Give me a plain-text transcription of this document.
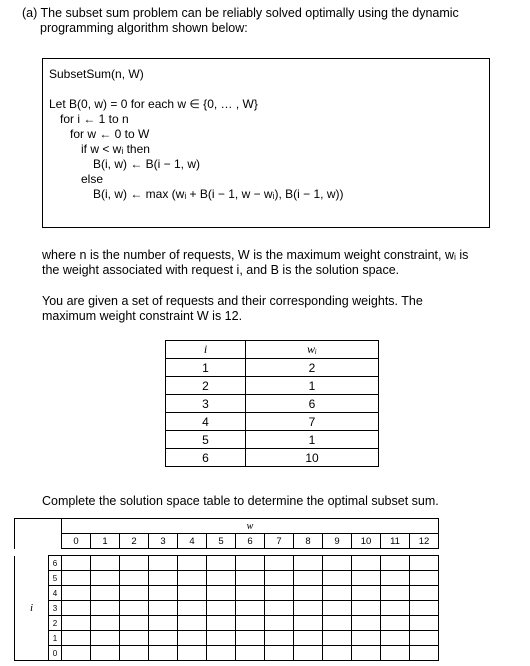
(a) The subset sum problem can be reliably solved optimally using the dynamic

programming algorithm shown below:

SubsetSum(n, W)
Let B(0, w) = 0 for each w ∈ {0, … , W}
for i ← 1 to n
for w ← 0 to W
if w < wᵢ then
B(i, w) ← B(i − 1, w)
else
B(i, w) ← max (wᵢ + B(i − 1, w − wᵢ), B(i − 1, w))

where n is the number of requests, W is the maximum weight constraint, wᵢ is

the weight associated with request i, and B is the solution space.

You are given a set of requests and their corresponding weights. The

maximum weight constraint W is 12.

i	wᵢ
1	2
2	1
3	6
4	7
5	1
6	10
Complete the solution space table to determine the optimal subset sum.
		w												
		0	1	2	3	4	5	6	7	8	9	10	11	12

i	6													
	5													
	4													
	3													
	2													
	1													
	0													
